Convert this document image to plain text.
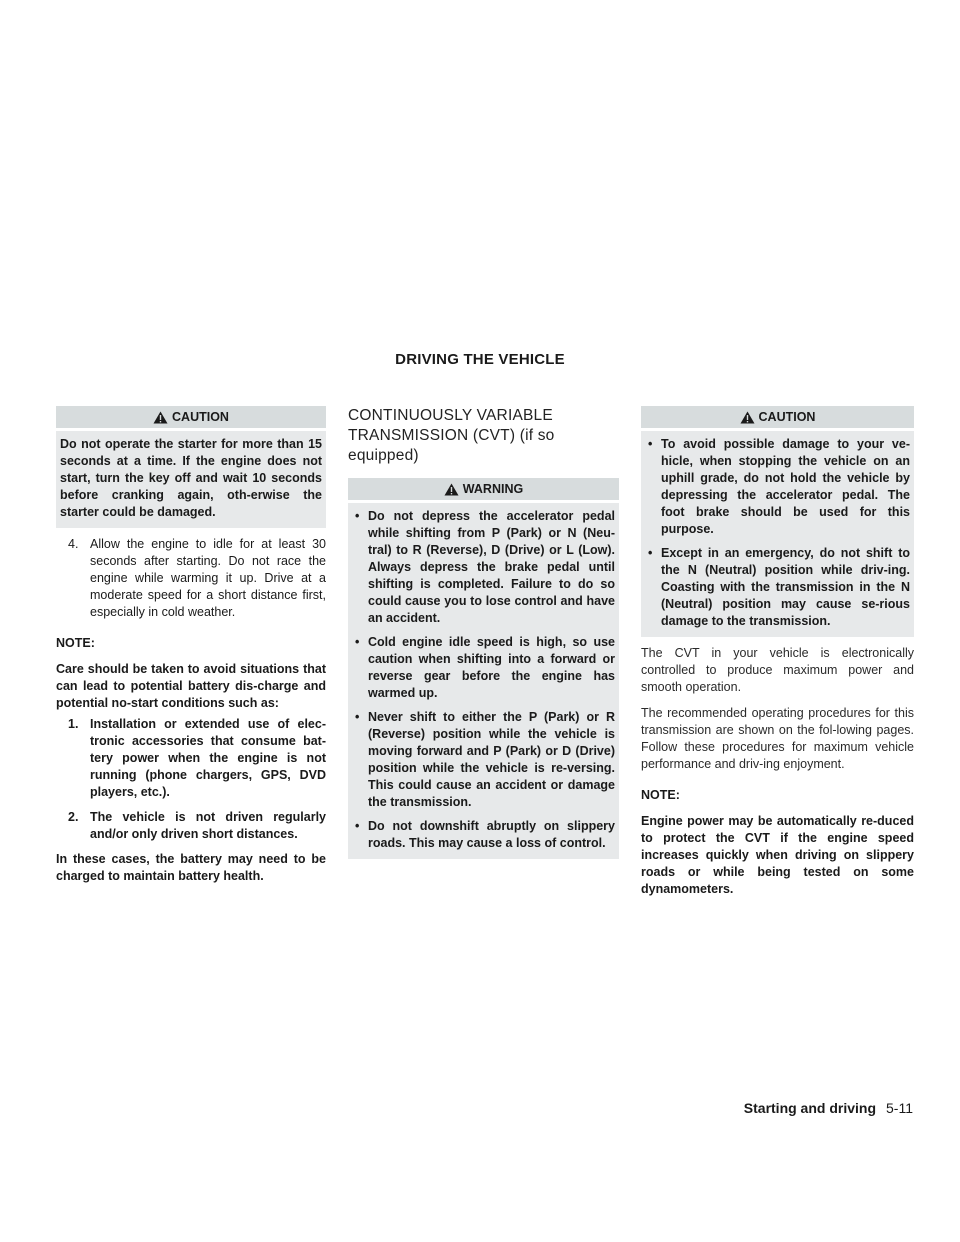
DRIVING THE VEHICLE
CAUTION

Do not operate the starter for more than 15 seconds at a time. If the engine does not start, turn the key off and wait 10 seconds before cranking again, oth-erwise the starter could be damaged.

4. Allow the engine to idle for at least 30 seconds after starting. Do not race the engine while warming it up. Drive at a moderate speed for a short distance first, especially in cold weather.

NOTE:

Care should be taken to avoid situations that can lead to potential battery dis-charge and potential no-start conditions such as:

1. Installation or extended use of elec-tronic accessories that consume bat-tery power when the engine is not running (phone chargers, GPS, DVD players, etc.).
2. The vehicle is not driven regularly and/or only driven short distances.

In these cases, the battery may need to be charged to maintain battery health.

CONTINUOUSLY VARIABLE TRANSMISSION (CVT) (if so equipped)
WARNING
• Do not depress the accelerator pedal while shifting from P (Park) or N (Neu-tral) to R (Reverse), D (Drive) or L (Low). Always depress the brake pedal until shifting is completed. Failure to do so could cause you to lose control and have an accident.
• Cold engine idle speed is high, so use caution when shifting into a forward or reverse gear before the engine has warmed up.
• Never shift to either the P (Park) or R (Reverse) position while the vehicle is moving forward and P (Park) or D (Drive) position while the vehicle is re-versing. This could cause an accident or damage the transmission.
• Do not downshift abruptly on slippery roads. This may cause a loss of control.
CAUTION
• To avoid possible damage to your ve-hicle, when stopping the vehicle on an uphill grade, do not hold the vehicle by depressing the accelerator pedal. The foot brake should be used for this purpose.
• Except in an emergency, do not shift to the N (Neutral) position while driv-ing. Coasting with the transmission in the N (Neutral) position may cause se-rious damage to the transmission.

The CVT in your vehicle is electronically controlled to produce maximum power and smooth operation.

The recommended operating procedures for this transmission are shown on the fol-lowing pages. Follow these procedures for maximum vehicle performance and driv-ing enjoyment.

NOTE:

Engine power may be automatically re-duced to protect the CVT if the engine speed increases quickly when driving on slippery roads or while being tested on some dynamometers.

Starting and driving 5-11
